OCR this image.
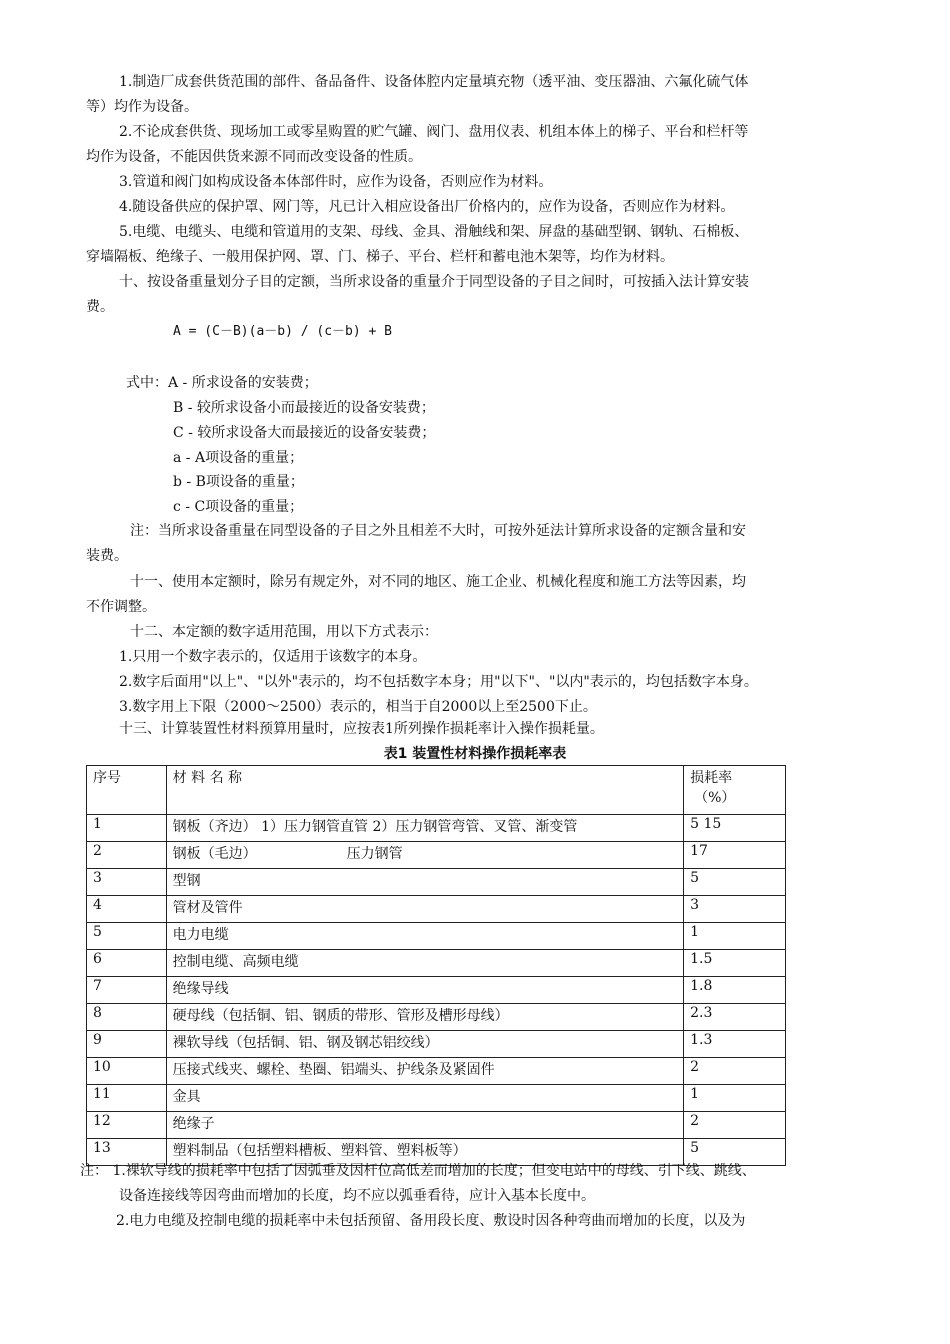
1.制造厂成套供货范围的部件、备品备件、设备体腔内定量填充物（透平油、变压器油、六氟化硫气体
等）均作为设备。
2.不论成套供货、现场加工或零星购置的贮气罐、阀门、盘用仪表、机组本体上的梯子、平台和栏杆等
均作为设备，不能因供货来源不同而改变设备的性质。
3.管道和阀门如构成设备本体部件时，应作为设备，否则应作为材料。
4.随设备供应的保护罩、网门等，凡已计入相应设备出厂价格内的，应作为设备，否则应作为材料。
5.电缆、电缆头、电缆和管道用的支架、母线、金具、滑触线和架、屏盘的基础型钢、钢轨、石棉板、
穿墙隔板、绝缘子、一般用保护网、罩、门、梯子、平台、栏杆和蓄电池木架等，均作为材料。
十、按设备重量划分子目的定额，当所求设备的重量介于同型设备的子目之间时，可按插入法计算安装
费。
A = (C－B)(a－b) / (c－b) + B
式中：A - 所求设备的安装费；
B - 较所求设备小而最接近的设备安装费；
C - 较所求设备大而最接近的设备安装费；
a - A项设备的重量；
b - B项设备的重量；
c - C项设备的重量；
注：当所求设备重量在同型设备的子目之外且相差不大时，可按外延法计算所求设备的定额含量和安
装费。
十一、使用本定额时，除另有规定外，对不同的地区、施工企业、机械化程度和施工方法等因素，均
不作调整。
十二、本定额的数字适用范围，用以下方式表示：
1.只用一个数字表示的，仅适用于该数字的本身。
2.数字后面用"以上"、"以外"表示的，均不包括数字本身；用"以下"、"以内"表示的，均包括数字本身。
3.数字用上下限（2000～2500）表示的，相当于自2000以上至2500下止。
十三、计算装置性材料预算用量时，应按表1所列操作损耗率计入操作损耗量。
表1 装置性材料操作损耗率表
序号	材 料 名 称	损耗率
（%）

1	钢板（齐边） 1）压力钢管直管 2）压力钢管弯管、叉管、渐变管	5 15
2	钢板（毛边） 压力钢管	17
3	型钢	5
4	管材及管件	3
5	电力电缆	1
6	控制电缆、高频电缆	1.5
7	绝缘导线	1.8
8	硬母线（包括铜、铝、钢质的带形、管形及槽形母线）	2.3
9	裸软导线（包括铜、铝、钢及钢芯铝绞线）	1.3
10	压接式线夹、螺栓、垫圈、铝端头、护线条及紧固件	2
11	金具	1
12	绝缘子	2
13	塑料制品（包括塑料槽板、塑料管、塑料板等）	5
注： 1.裸软导线的损耗率中包括了因弧垂及因杆位高低差而增加的长度；但变电站中的母线、引下线、跳线、
设备连接线等因弯曲而增加的长度，均不应以弧垂看待，应计入基本长度中。
2.电力电缆及控制电缆的损耗率中未包括预留、备用段长度、敷设时因各种弯曲而增加的长度，以及为
